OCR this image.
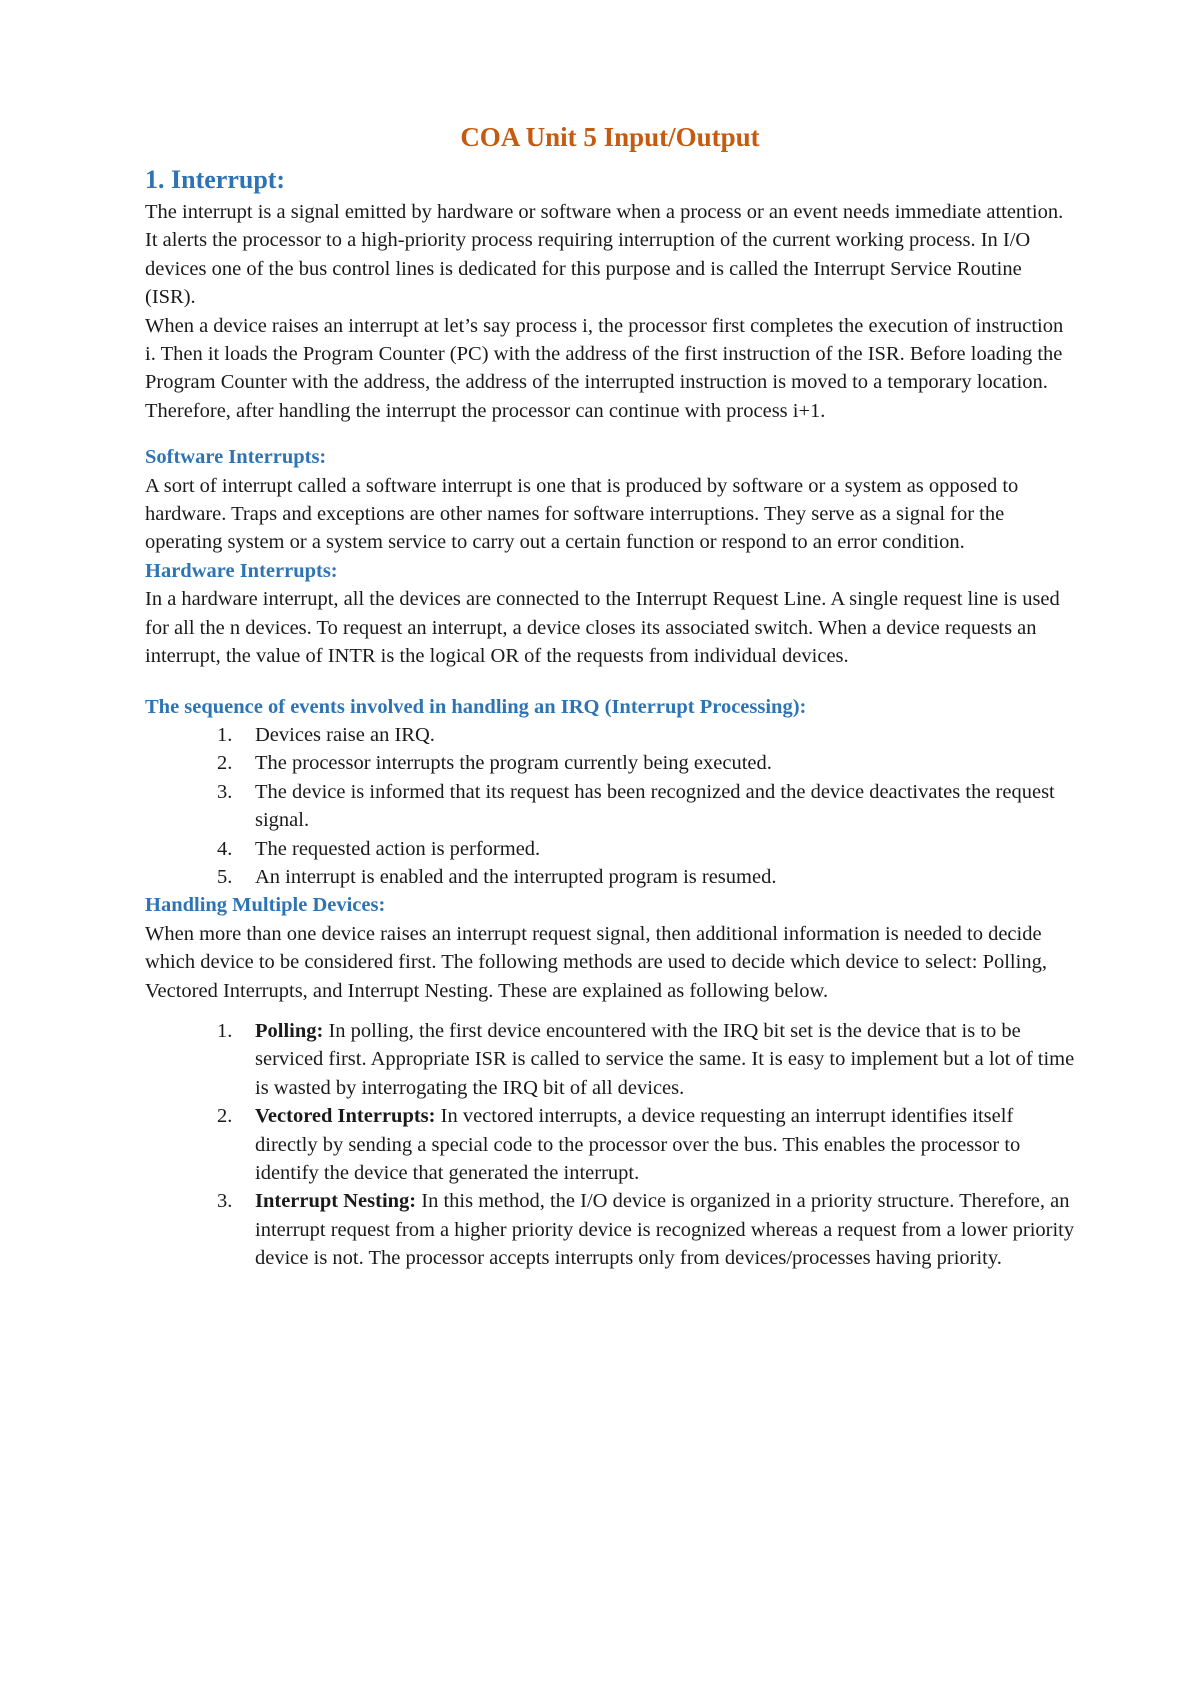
COA Unit 5 Input/Output
1. Interrupt:

The interrupt is a signal emitted by hardware or software when a process or an event needs immediate attention. It alerts the processor to a high-priority process requiring interruption of the current working process. In I/O devices one of the bus control lines is dedicated for this purpose and is called the Interrupt Service Routine (ISR).

When a device raises an interrupt at let’s say process i, the processor first completes the execution of instruction i. Then it loads the Program Counter (PC) with the address of the first instruction of the ISR. Before loading the Program Counter with the address, the address of the interrupted instruction is moved to a temporary location. Therefore, after handling the interrupt the processor can continue with process i+1.

Software Interrupts:

A sort of interrupt called a software interrupt is one that is produced by software or a system as opposed to hardware. Traps and exceptions are other names for software interruptions. They serve as a signal for the operating system or a system service to carry out a certain function or respond to an error condition.

Hardware Interrupts:

In a hardware interrupt, all the devices are connected to the Interrupt Request Line. A single request line is used for all the n devices. To request an interrupt, a device closes its associated switch. When a device requests an interrupt, the value of INTR is the logical OR of the requests from individual devices.

The sequence of events involved in handling an IRQ (Interrupt Processing):
1. Devices raise an IRQ.
2. The processor interrupts the program currently being executed.
3. The device is informed that its request has been recognized and the device deactivates the request signal.
4. The requested action is performed.
5. An interrupt is enabled and the interrupted program is resumed.
Handling Multiple Devices:

When more than one device raises an interrupt request signal, then additional information is needed to decide which device to be considered first. The following methods are used to decide which device to select: Polling, Vectored Interrupts, and Interrupt Nesting. These are explained as following below.

1. Polling: In polling, the first device encountered with the IRQ bit set is the device that is to be serviced first. Appropriate ISR is called to service the same. It is easy to implement but a lot of time is wasted by interrogating the IRQ bit of all devices.
2. Vectored Interrupts: In vectored interrupts, a device requesting an interrupt identifies itself directly by sending a special code to the processor over the bus. This enables the processor to identify the device that generated the interrupt.
3. Interrupt Nesting: In this method, the I/O device is organized in a priority structure. Therefore, an interrupt request from a higher priority device is recognized whereas a request from a lower priority device is not. The processor accepts interrupts only from devices/processes having priority.
